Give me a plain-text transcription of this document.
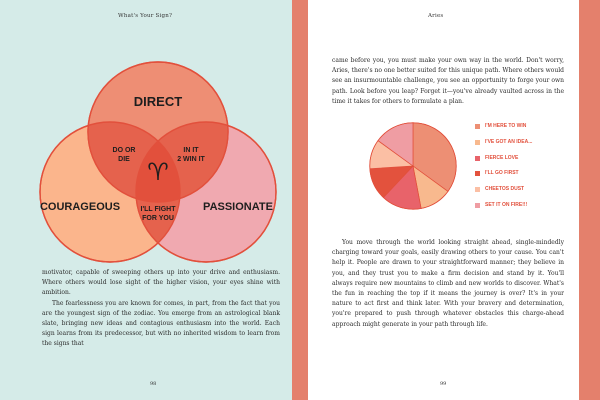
What's Your Sign?	Aries
DIRECT
COURAGEOUS	PASSIONATE
DO OR
DIE
IN IT
2 WIN IT
I'LL FIGHT
FOR YOU
♈

motivator, capable of sweeping others up into your drive and enthusiasm. Where others would lose sight of the higher vision, your eyes shine with ambition.

The fearlessness you are known for comes, in part, from the fact that you are the youngest sign of the zodiac. You emerge from an astrological blank slate, bringing new ideas and contagious enthusiasm into the world. Each sign learns from its predecessor, but with no inherited wisdom to learn from the signs that

came before you, you must make your own way in the world. Don't worry, Aries, there's no one better suited for this unique path. Where others would see an insurmountable challenge, you see an opportunity to forge your own path. Look before you leap? Forget it—you've already vaulted across in the time it takes for others to formulate a plan.

I'M HERE TO WIN
I'VE GOT AN IDEA...
FIERCE LOVE
I'LL GO FIRST
CHEETOS DUST
SET IT ON FIRE!!!

You move through the world looking straight ahead, single-mindedly charging toward your goals, easily drawing others to your cause. You can't help it. People are drawn to your straightforward manner; they believe in you, and they trust you to make a firm decision and stand by it. You'll always require new mountains to climb and new worlds to discover. What's the fun in reaching the top if it means the journey is over? It's in your nature to act first and think later. With your bravery and determination, you're prepared to push through whatever obstacles this charge-ahead approach might generate in your path through life.

98	99
